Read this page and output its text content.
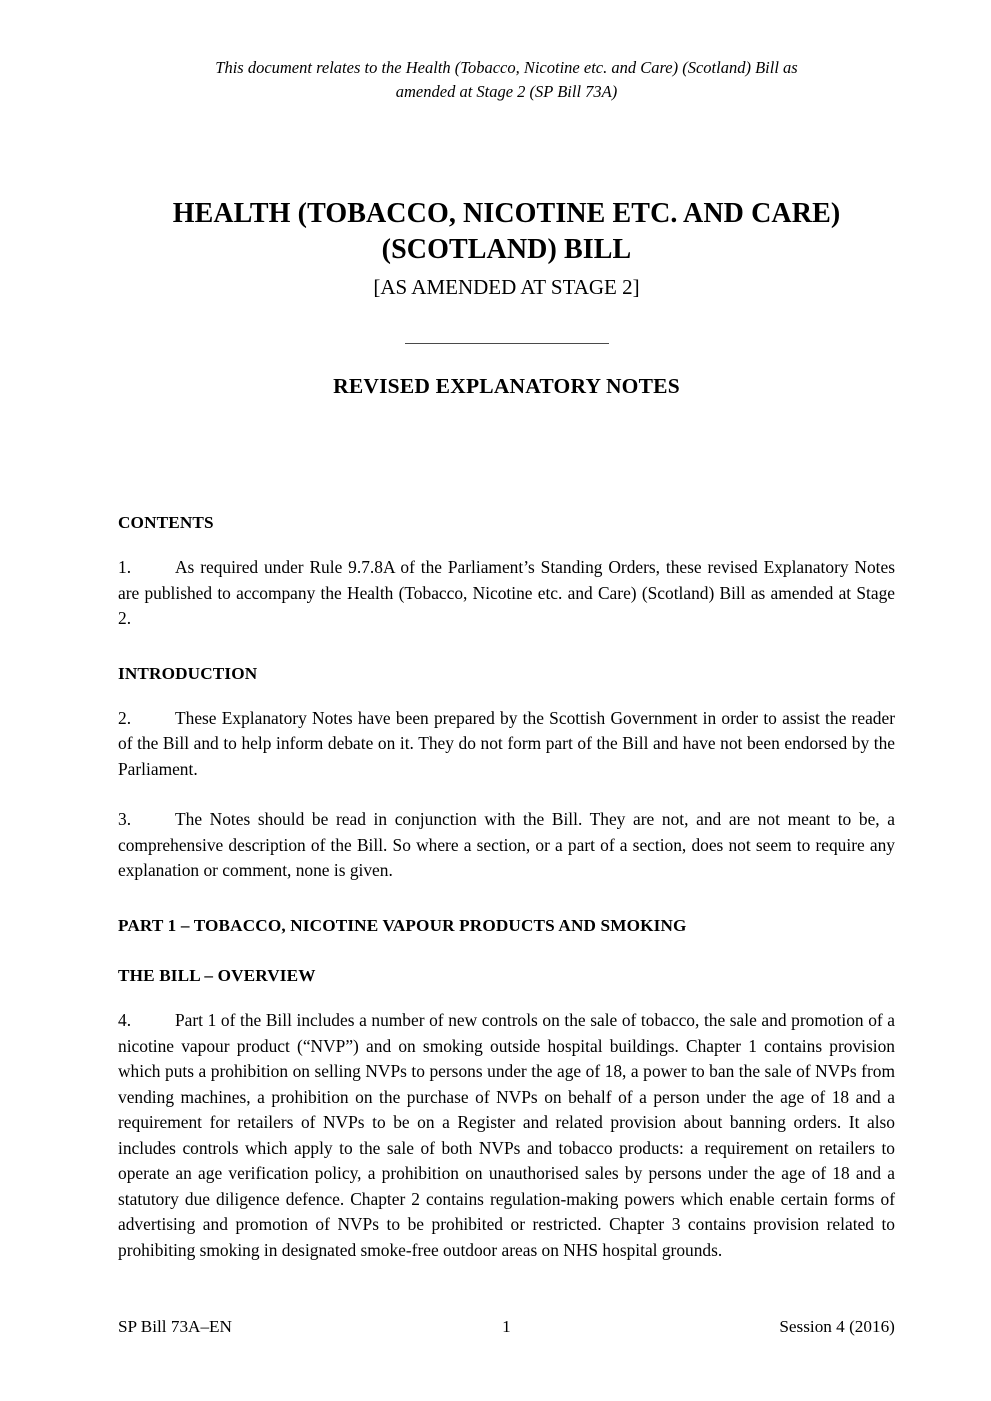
This document relates to the Health (Tobacco, Nicotine etc. and Care) (Scotland) Bill as
amended at Stage 2 (SP Bill 73A)
HEALTH (TOBACCO, NICOTINE ETC. AND CARE)
(SCOTLAND) BILL
[AS AMENDED AT STAGE 2]
REVISED EXPLANATORY NOTES
CONTENTS

1.	As required under Rule 9.7.8A of the Parliament’s Standing Orders, these revised Explanatory Notes are published to accompany the Health (Tobacco, Nicotine etc. and Care) (Scotland) Bill as amended at Stage 2.

INTRODUCTION

2.	These Explanatory Notes have been prepared by the Scottish Government in order to assist the reader of the Bill and to help inform debate on it. They do not form part of the Bill and have not been endorsed by the Parliament.

3.	The Notes should be read in conjunction with the Bill. They are not, and are not meant to be, a comprehensive description of the Bill. So where a section, or a part of a section, does not seem to require any explanation or comment, none is given.

PART 1 – TOBACCO, NICOTINE VAPOUR PRODUCTS AND SMOKING
THE BILL – OVERVIEW

4.	Part 1 of the Bill includes a number of new controls on the sale of tobacco, the sale and promotion of a nicotine vapour product (“NVP”) and on smoking outside hospital buildings. Chapter 1 contains provision which puts a prohibition on selling NVPs to persons under the age of 18, a power to ban the sale of NVPs from vending machines, a prohibition on the purchase of NVPs on behalf of a person under the age of 18 and a requirement for retailers of NVPs to be on a Register and related provision about banning orders. It also includes controls which apply to the sale of both NVPs and tobacco products: a requirement on retailers to operate an age verification policy, a prohibition on unauthorised sales by persons under the age of 18 and a statutory due diligence defence. Chapter 2 contains regulation-making powers which enable certain forms of advertising and promotion of NVPs to be prohibited or restricted. Chapter 3 contains provision related to prohibiting smoking in designated smoke-free outdoor areas on NHS hospital grounds.

SP Bill 73A–EN	1	Session 4 (2016)
